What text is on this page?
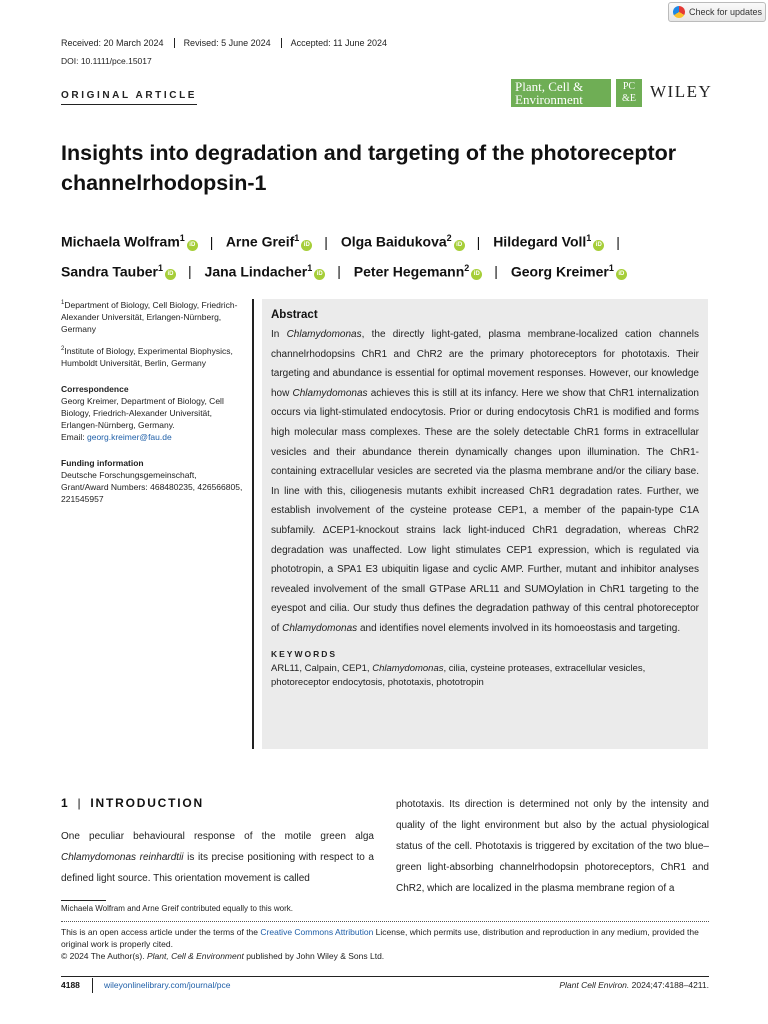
Check for updates
Received: 20 March 2024	Revised: 5 June 2024	Accepted: 11 June 2024
DOI: 10.1111/pce.15017
ORIGINAL ARTICLE
Plant, Cell &
Environment
PC
&E WILEY
Insights into degradation and targeting of the photoreceptor channelrhodopsin-1
Michaela Wolfram$^1$iD | Arne Greif$^1$iD | Olga Baidukova$^2$iD | Hildegard Voll$^1$iD |
Sandra Tauber$^1$iD | Jana Lindacher$^1$iD | Peter Hegemann$^2$iD | Georg Kreimer$^1$iD

$^1$Department of Biology, Cell Biology, Friedrich-Alexander Universität, Erlangen-Nürnberg, Germany

$^2$Institute of Biology, Experimental Biophysics, Humboldt Universität, Berlin, Germany

Correspondence

Georg Kreimer, Department of Biology, Cell Biology, Friedrich-Alexander Universität, Erlangen-Nürnberg, Germany.
Email: georg.kreimer@fau.de

Funding information

Deutsche Forschungsgemeinschaft, Grant/Award Numbers: 468480235, 426566805, 221545957

Abstract

In Chlamydomonas, the directly light-gated, plasma membrane-localized cation channels channelrhodopsins ChR1 and ChR2 are the primary photoreceptors for phototaxis. Their targeting and abundance is essential for optimal movement responses. However, our knowledge how Chlamydomonas achieves this is still at its infancy. Here we show that ChR1 internalization occurs via light-stimulated endocytosis. Prior or during endocytosis ChR1 is modified and forms high molecular mass complexes. These are the solely detectable ChR1 forms in extracellular vesicles and their abundance therein dynamically changes upon illumination. The ChR1-containing extracellular vesicles are secreted via the plasma membrane and/or the ciliary base. In line with this, ciliogenesis mutants exhibit increased ChR1 degradation rates. Further, we establish involvement of the cysteine protease CEP1, a member of the papain-type C1A subfamily. ΔCEP1-knockout strains lack light-induced ChR1 degradation, whereas ChR2 degradation was unaffected. Low light stimulates CEP1 expression, which is regulated via phototropin, a SPA1 E3 ubiquitin ligase and cyclic AMP. Further, mutant and inhibitor analyses revealed involvement of the small GTPase ARL11 and SUMOylation in ChR1 targeting to the eyespot and cilia. Our study thus defines the degradation pathway of this central photoreceptor of Chlamydomonas and identifies novel elements involved in its homoeostasis and targeting.

KEYWORDS
ARL11, Calpain, CEP1, Chlamydomonas, cilia, cysteine proteases, extracellular vesicles, photoreceptor endocytosis, phototaxis, phototropin
1 | INTRODUCTION

One peculiar behavioural response of the motile green alga Chlamydomonas reinhardtii is its precise positioning with respect to a defined light source. This orientation movement is called

phototaxis. Its direction is determined not only by the intensity and quality of the light environment but also by the actual physiological status of the cell. Phototaxis is triggered by excitation of the two blue–green light-absorbing channelrhodopsin photoreceptors, ChR1 and ChR2, which are localized in the plasma membrane region of a

Michaela Wolfram and Arne Greif contributed equally to this work.
This is an open access article under the terms of the Creative Commons Attribution License, which permits use, distribution and reproduction in any medium, provided the original work is properly cited.
© 2024 The Author(s). Plant, Cell & Environment published by John Wiley & Sons Ltd.
4188	wileyonlinelibrary.com/journal/pce	Plant Cell Environ. 2024;47:4188–4211.
